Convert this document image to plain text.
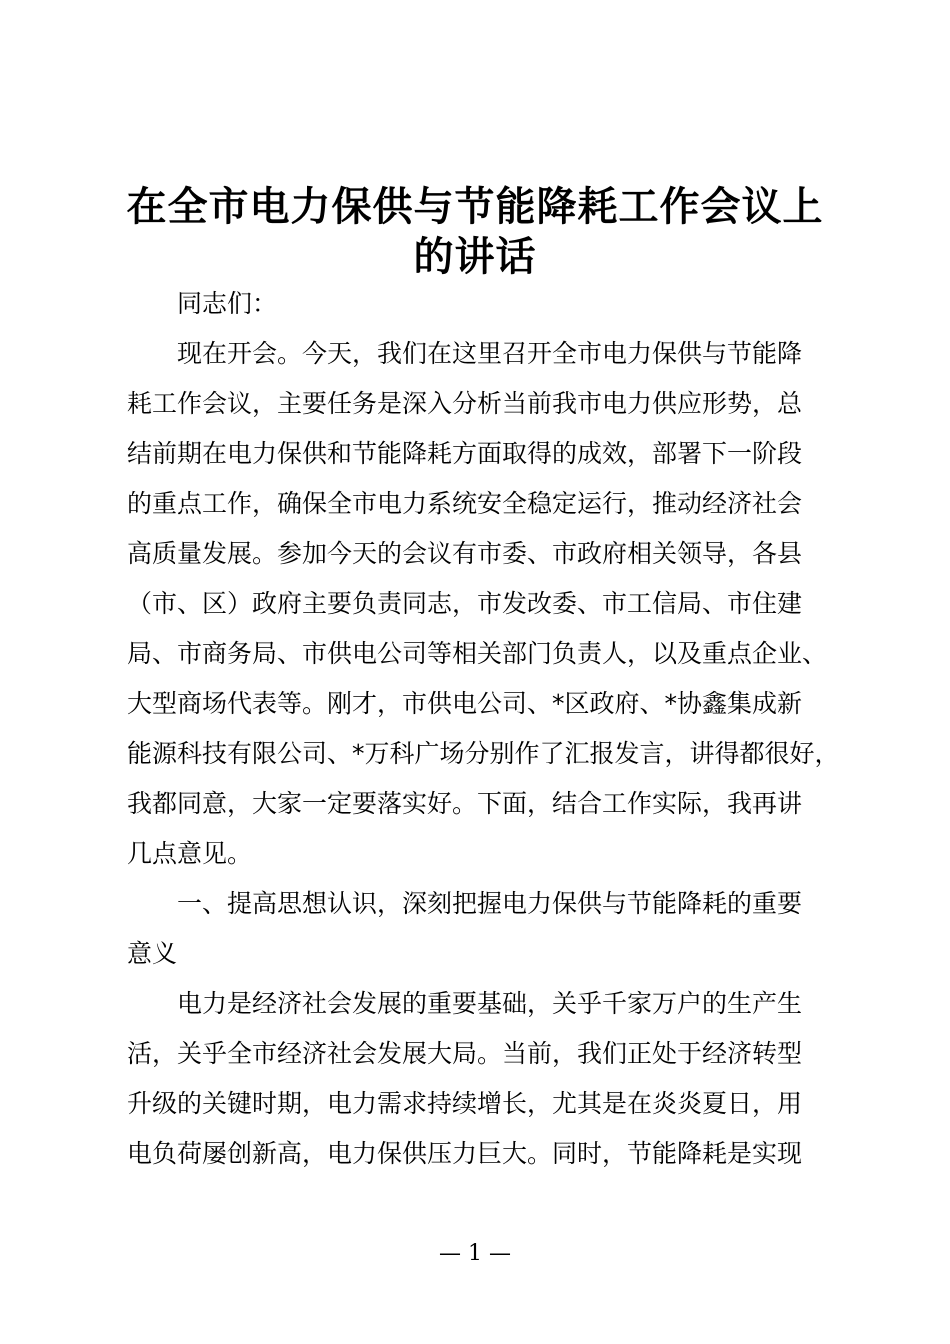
在全市电力保供与节能降耗工作会议上
的讲话
同志们：
现在开会。今天，我们在这里召开全市电力保供与节能降
耗工作会议，主要任务是深入分析当前我市电力供应形势，总
结前期在电力保供和节能降耗方面取得的成效，部署下一阶段
的重点工作，确保全市电力系统安全稳定运行，推动经济社会
高质量发展。参加今天的会议有市委、市政府相关领导，各县
（市、区）政府主要负责同志，市发改委、市工信局、市住建
局、市商务局、市供电公司等相关部门负责人，以及重点企业、
大型商场代表等。刚才，市供电公司、*区政府、*协鑫集成新
能源科技有限公司、*万科广场分别作了汇报发言，讲得都很好，
我都同意，大家一定要落实好。下面，结合工作实际，我再讲
几点意见。
一、提高思想认识，深刻把握电力保供与节能降耗的重要
意义
电力是经济社会发展的重要基础，关乎千家万户的生产生
活，关乎全市经济社会发展大局。当前，我们正处于经济转型
升级的关键时期，电力需求持续增长，尤其是在炎炎夏日，用
电负荷屡创新高，电力保供压力巨大。同时，节能降耗是实现
— 1 —
